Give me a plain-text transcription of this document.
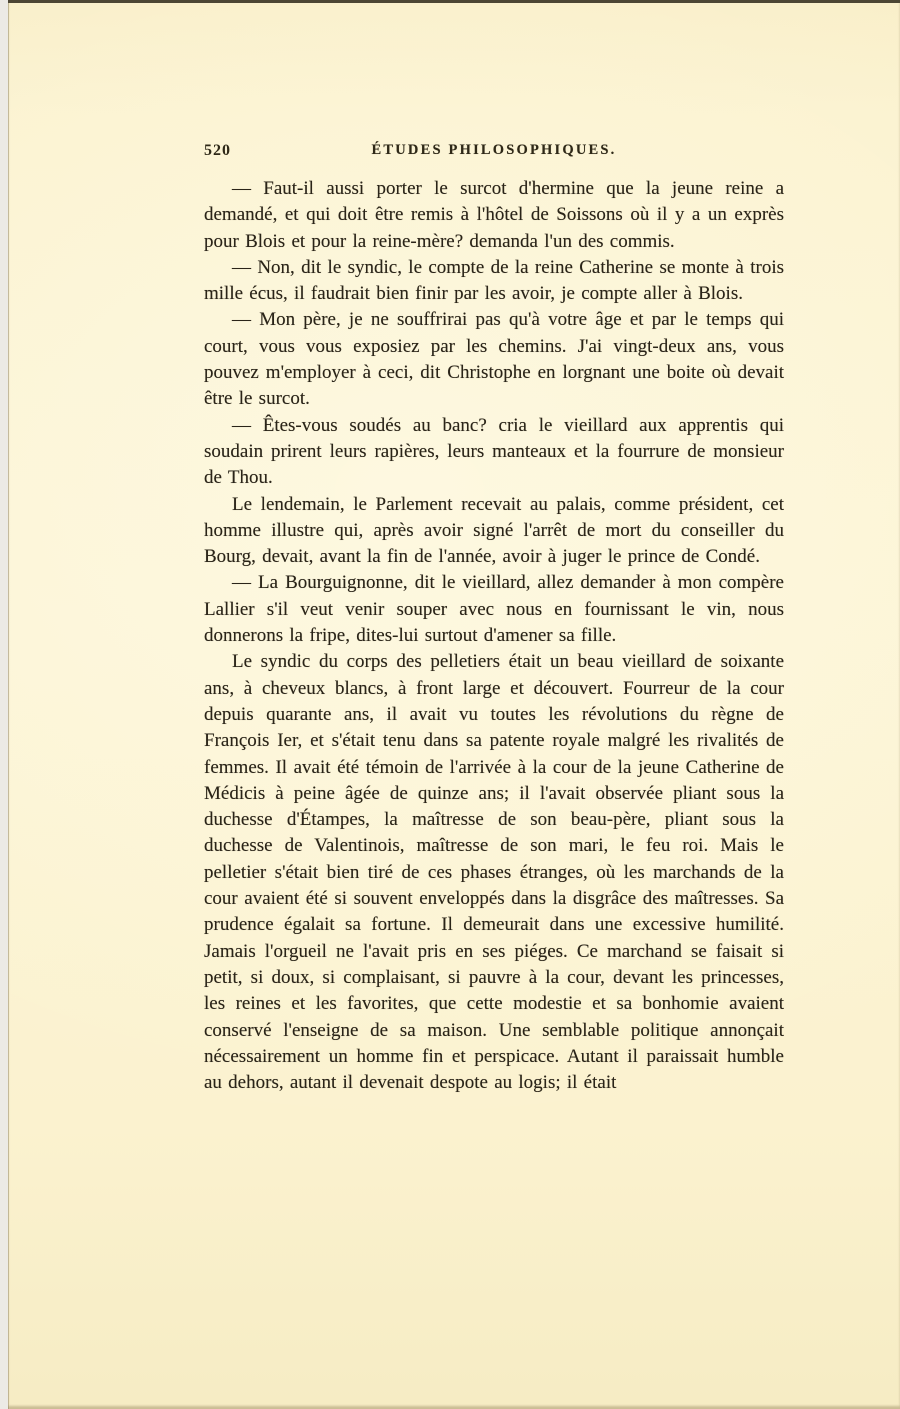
520	ÉTUDES PHILOSOPHIQUES.

— Faut-il aussi porter le surcot d'hermine que la jeune reine a demandé, et qui doit être remis à l'hôtel de Soissons où il y a un exprès pour Blois et pour la reine-mère? demanda l'un des commis.

— Non, dit le syndic, le compte de la reine Catherine se monte à trois mille écus, il faudrait bien finir par les avoir, je compte aller à Blois.

— Mon père, je ne souffrirai pas qu'à votre âge et par le temps qui court, vous vous exposiez par les chemins. J'ai vingt-deux ans, vous pouvez m'employer à ceci, dit Christophe en lorgnant une boite où devait être le surcot.

— Êtes-vous soudés au banc? cria le vieillard aux apprentis qui soudain prirent leurs rapières, leurs manteaux et la fourrure de monsieur de Thou.

Le lendemain, le Parlement recevait au palais, comme président, cet homme illustre qui, après avoir signé l'arrêt de mort du conseiller du Bourg, devait, avant la fin de l'année, avoir à juger le prince de Condé.

— La Bourguignonne, dit le vieillard, allez demander à mon compère Lallier s'il veut venir souper avec nous en fournissant le vin, nous donnerons la fripe, dites-lui surtout d'amener sa fille.

Le syndic du corps des pelletiers était un beau vieillard de soixante ans, à cheveux blancs, à front large et découvert. Fourreur de la cour depuis quarante ans, il avait vu toutes les révolutions du règne de François Ier, et s'était tenu dans sa patente royale malgré les rivalités de femmes. Il avait été témoin de l'arrivée à la cour de la jeune Catherine de Médicis à peine âgée de quinze ans; il l'avait observée pliant sous la duchesse d'Étampes, la maîtresse de son beau-père, pliant sous la duchesse de Valentinois, maîtresse de son mari, le feu roi. Mais le pelletier s'était bien tiré de ces phases étranges, où les marchands de la cour avaient été si souvent enveloppés dans la disgrâce des maîtresses. Sa prudence égalait sa fortune. Il demeurait dans une excessive humilité. Jamais l'orgueil ne l'avait pris en ses piéges. Ce marchand se faisait si petit, si doux, si complaisant, si pauvre à la cour, devant les princesses, les reines et les favorites, que cette modestie et sa bonhomie avaient conservé l'enseigne de sa maison. Une semblable politique annonçait nécessairement un homme fin et perspicace. Autant il paraissait humble au dehors, autant il devenait despote au logis; il était
